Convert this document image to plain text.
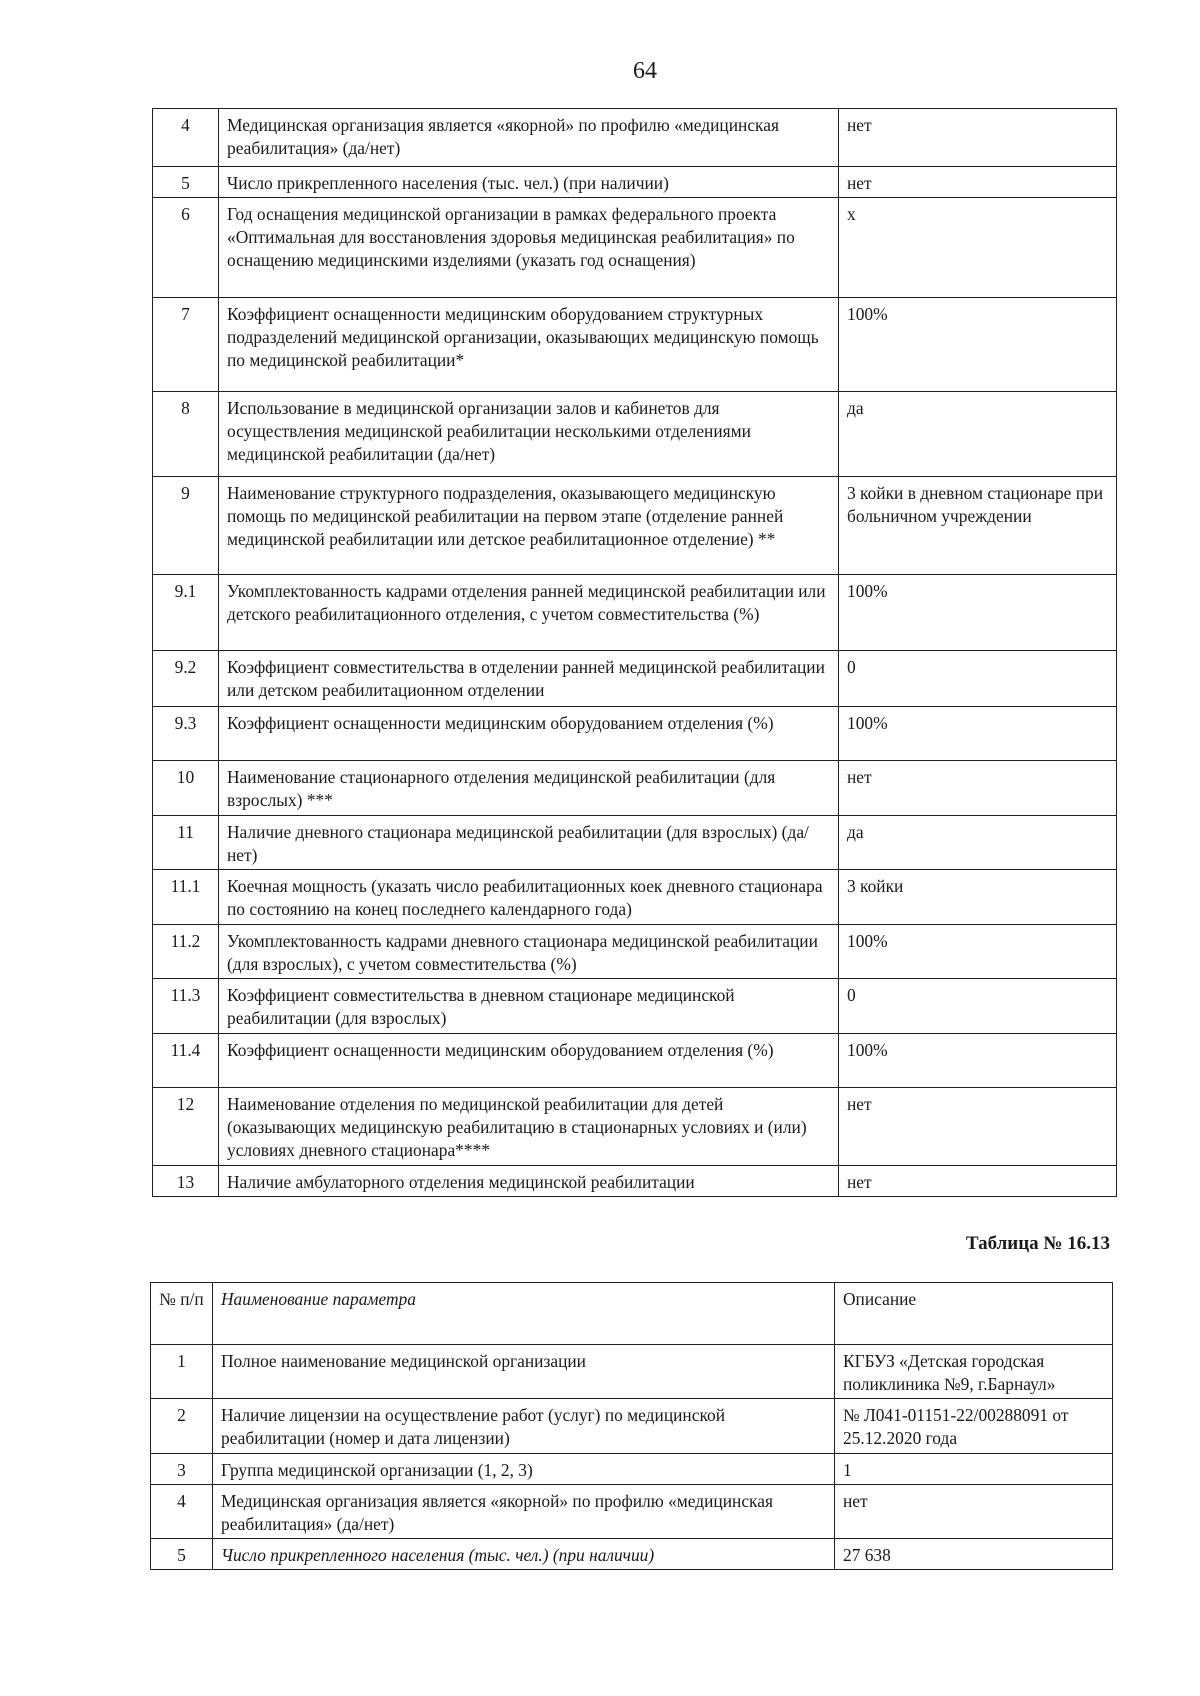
64
4	Медицинская организация является «якорной» по профилю «медицинская реабилитация» (да/нет)	нет
5	Число прикрепленного населения (тыс. чел.) (при наличии)	нет
6	Год оснащения медицинской организации в рамках федерального проекта «Оптимальная для восстановления здоровья медицинская реабилитация» по оснащению медицинскими изделиями (указать год оснащения)	х
7	Коэффициент оснащенности медицинским оборудованием структурных подразделений медицинской организации, оказывающих медицинскую помощь по медицинской реабилитации*	100%
8	Использование в медицинской организации залов и кабинетов для осуществления медицинской реабилитации несколькими отделениями медицинской реабилитации (да/нет)	да
9	Наименование структурного подразделения, оказывающего медицинскую помощь по медицинской реабилитации на первом этапе (отделение ранней медицинской реабилитации или детское реабилитационное отделение) **	3 койки в дневном стационаре при больничном учреждении
9.1	Укомплектованность кадрами отделения ранней медицинской реабилитации или детского реабилитационного отделения, с учетом совместительства (%)	100%
9.2	Коэффициент совместительства в отделении ранней медицинской реабилитации или детском реабилитационном отделении	0
9.3	Коэффициент оснащенности медицинским оборудованием отделения (%)	100%
10	Наименование стационарного отделения медицинской реабилитации (для взрослых) ***	нет
11	Наличие дневного стационара медицинской реабилитации (для взрослых) (да/нет)	да
11.1	Коечная мощность (указать число реабилитационных коек дневного стационара по состоянию на конец последнего календарного года)	3 койки
11.2	Укомплектованность кадрами дневного стационара медицинской реабилитации (для взрослых), с учетом совместительства (%)	100%
11.3	Коэффициент совместительства в дневном стационаре медицинской реабилитации (для взрослых)	0
11.4	Коэффициент оснащенности медицинским оборудованием отделения (%)	100%
12	Наименование отделения по медицинской реабилитации для детей (оказывающих медицинскую реабилитацию в стационарных условиях и (или) условиях дневного стационара****	нет
13	Наличие амбулаторного отделения медицинской реабилитации	нет
Таблица № 16.13
№ п/п	Наименование параметра	Описание
1	Полное наименование медицинской организации	КГБУЗ «Детская городская поликлиника №9, г.Барнаул»
2	Наличие лицензии на осуществление работ (услуг) по медицинской реабилитации (номер и дата лицензии)	№ Л041-01151-22/00288091 от 25.12.2020 года
3	Группа медицинской организации (1, 2, 3)	1
4	Медицинская организация является «якорной» по профилю «медицинская реабилитация» (да/нет)	нет
5	Число прикрепленного населения (тыс. чел.) (при наличии)	27 638
